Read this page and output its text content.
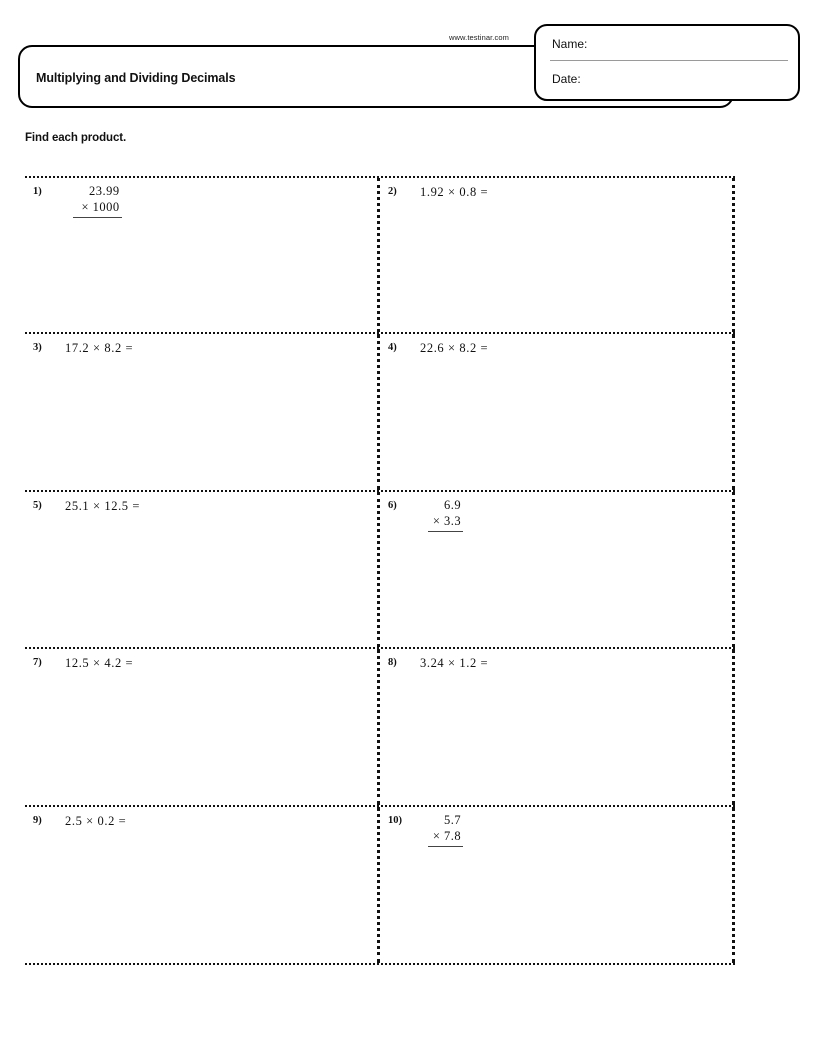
Multiplying and Dividing Decimals
www.testinar.com	Name:
Date:
Find each product.
1)	23.99
× 1000
2) 1.92 × 0.8 =
3) 17.2 × 8.2 =	4) 22.6 × 8.2 =
5) 25.1 × 12.5 =	6)	6.9
× 3.3
7) 12.5 × 4.2 =	8) 3.24 × 1.2 =
9) 2.5 × 0.2 =	10)	5.7
× 7.8
